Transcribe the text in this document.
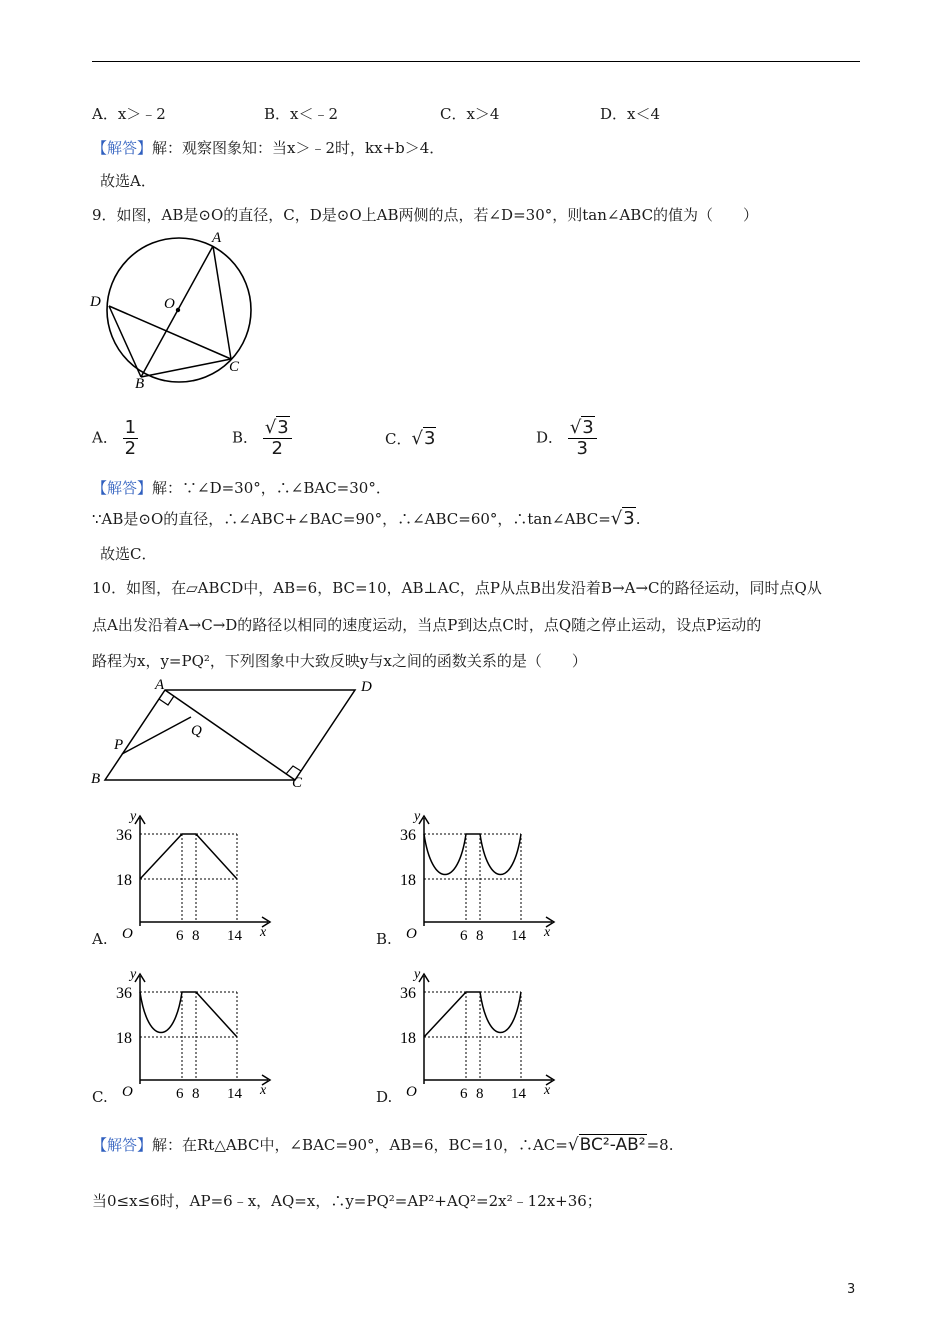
A．x＞﹣2	B．x＜﹣2	C．x＞4	D．x＜4
【解答】解：观察图象知：当x＞﹣2时，kx+b＞4．
故选A．
9．如图，AB是⊙O的直径，C，D是⊙O上AB两侧的点，若∠D=30°，则tan∠ABC的值为（　　）
A
D	O
B
C
A． $\frac{1}{2}$	B． $\frac{√3}{2}$	C．√3	D． $\frac{√3}{3}$
【解答】解：∵∠D=30°，∴∠BAC=30°．
∵AB是⊙O的直径，∴∠ABC+∠BAC=90°，∴∠ABC=60°，∴tan∠ABC=√3.
故选C．
10．如图，在▱ABCD中，AB=6，BC=10，AB⊥AC，点P从点B出发沿着B→A→C的路径运动，同时点Q从
点A出发沿着A→C→D的路径以相同的速度运动，当点P到达点C时，点Q随之停止运动，设点P运动的
路程为x，y=PQ²，下列图象中大致反映y与x之间的函数关系的是（　　）
A	D
B	C
P
Q
A.	B.
C.	D.
36
18
6 8 14
O	x
y
36
18
6 8 14
O	x
y
36
18
6 8 14
O	x
y
36
18
6 8 14
O	x
y
【解答】解：在Rt△ABC中，∠BAC=90°，AB=6，BC=10，∴AC=√BC²-AB²=8.
当0≤x≤6时，AP=6﹣x，AQ=x，∴y=PQ²=AP²+AQ²=2x²﹣12x+36；
3
